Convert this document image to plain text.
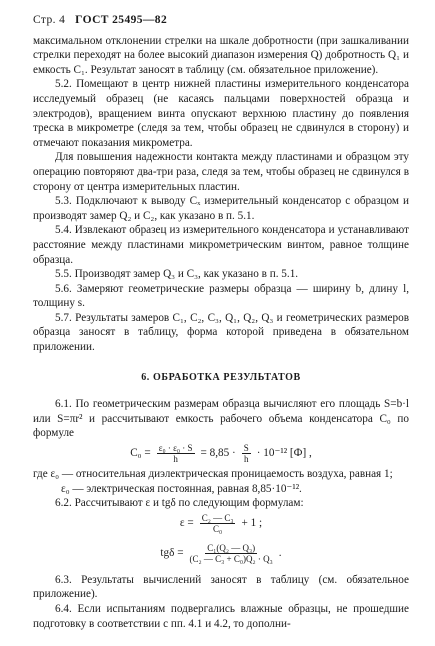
Стр. 4 ГОСТ 25495—82

максимальном отклонении стрелки на шкале добротности (при зашкаливании стрелки переходят на более высокий диапазон измерения Q) добротность Q₁ и емкость C₁. Результат заносят в таблицу (см. обязательное приложение).

5.2. Помещают в центр нижней пластины измерительного конденсатора исследуемый образец (не касаясь пальцами поверхностей образца и электродов), вращением винта опускают верхнюю пластину до появления треска в микрометре (следя за тем, чтобы образец не сдвинулся в сторону) и отмечают показания микрометра.

Для повышения надежности контакта между пластинами и образцом эту операцию повторяют два-три раза, следя за тем, чтобы образец не сдвинулся в сторону от центра измерительных пластин.

5.3. Подключают к выводу Cₓ измерительный конденсатор с образцом и производят замер Q₂ и C₂, как указано в п. 5.1.

5.4. Извлекают образец из измерительного конденсатора и устанавливают расстояние между пластинами микрометрическим винтом, равное толщине образца.

5.5. Производят замер Q₃ и C₃, как указано в п. 5.1.

5.6. Замеряют геометрические размеры образца — ширину b, длину l, толщину s.

5.7. Результаты замеров C₁, C₂, C₃, Q₁, Q₂, Q₃ и геометрических размеров образца заносят в таблицу, форма которой приведена в обязательном приложении.

6. ОБРАБОТКА РЕЗУЛЬТАТОВ

6.1. По геометрическим размерам образца вычисляют его площадь S=b·l или S=πr² и рассчитывают емкость рабочего объема конденсатора C₀ по формуле

$C_0 = \frac{\text{ε₀ · ε₀ · S}}{h} = 8,85 \cdot \frac{S}{h} \cdot 10^{-12}$ [Ф] ,

где ε₀ — относительная диэлектрическая проницаемость воздуха, равная 1;

ε₀ — электрическая постоянная, равная 8,85·10⁻¹².

6.2. Рассчитывают ε и tgδ по следующим формулам:

$\varepsilon = \frac{\text{C₂ — C₃}}{\text{C₀}} + 1$ ;
$tg\delta = \frac{\text{C₁(Q₂ — Q₃)}}{\text{(C₂ — C₃ + C₀)Q₂ · Q₃}}$ .

6.3. Результаты вычислений заносят в таблицу (см. обязательное приложение).

6.4. Если испытаниям подвергались влажные образцы, не прошедшие подготовку в соответствии с пп. 4.1 и 4.2, то дополни-
